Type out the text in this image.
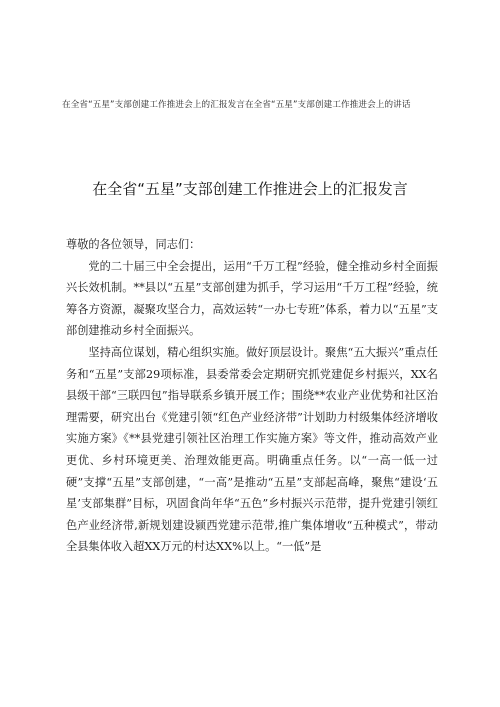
在全省“五星”支部创建工作推进会上的汇报发言在全省“五星”支部创建工作推进会上的讲话
在全省“五星”支部创建工作推进会上的汇报发言

尊敬的各位领导，同志们：

党的二十届三中全会提出，运用“千万工程”经验，健全推动乡村全面振兴长效机制。**县以“五星”支部创建为抓手，学习运用“千万工程”经验，统筹各方资源，凝聚攻坚合力，高效运转“一办七专班”体系，着力以“五星”支部创建推动乡村全面振兴。

坚持高位谋划，精心组织实施。做好顶层设计。聚焦“五大振兴”重点任务和“五星”支部29项标准，县委常委会定期研究抓党建促乡村振兴，XX名县级干部“三联四包”指导联系乡镇开展工作；围绕**农业产业优势和社区治理需要，研究出台《党建引领“红色产业经济带”计划助力村级集体经济增收实施方案》《**县党建引领社区治理工作实施方案》等文件，推动高效产业更优、乡村环境更美、治理效能更高。明确重点任务。以“一高一低一过硬”支撑“五星”支部创建，“一高”是推动“五星”支部起高峰，聚焦“建设‘五星’支部集群”目标，巩固食尚年华“五色”乡村振兴示范带，提升党建引领红色产业经济带,新规划建设颍西党建示范带,推广集体增收“五种模式”，带动全县集体收入超XX万元的村达XX%以上。“一低”是
